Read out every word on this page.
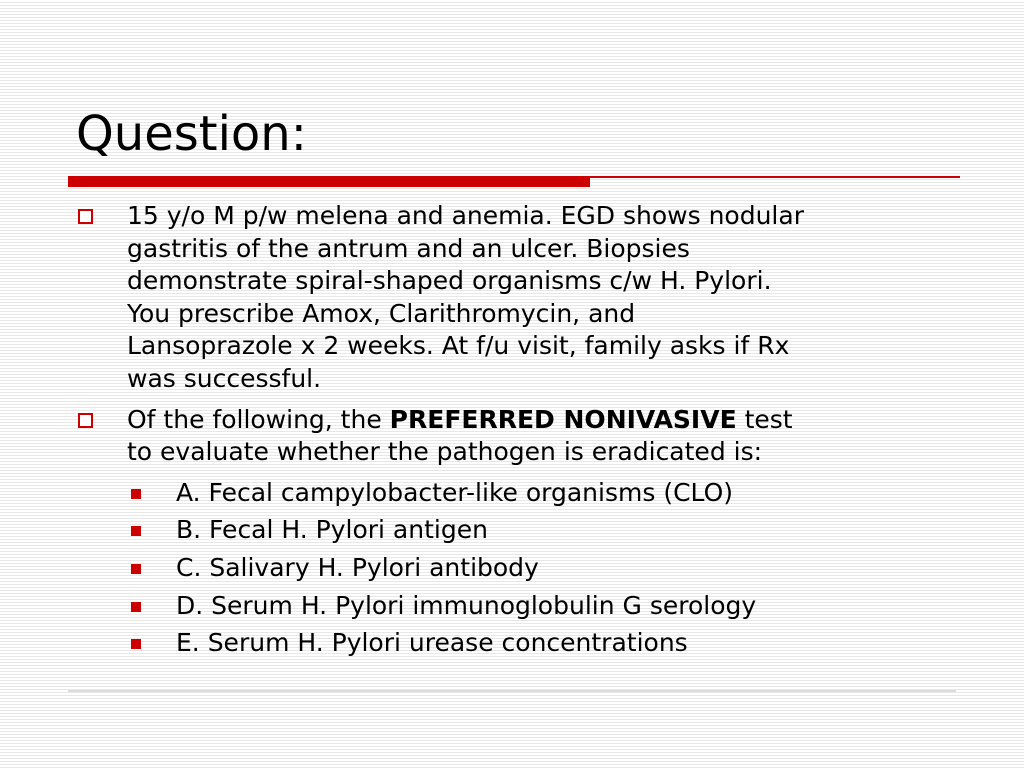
Question:
15 y/o M p/w melena and anemia. EGD shows nodular
gastritis of the antrum and an ulcer. Biopsies
demonstrate spiral-shaped organisms c/w H. Pylori.
You prescribe Amox, Clarithromycin, and
Lansoprazole x 2 weeks. At f/u visit, family asks if Rx
was successful.
Of the following, the PREFERRED NONIVASIVE test
to evaluate whether the pathogen is eradicated is:
A. Fecal campylobacter-like organisms (CLO)
B. Fecal H. Pylori antigen
C. Salivary H. Pylori antibody
D. Serum H. Pylori immunoglobulin G serology
E. Serum H. Pylori urease concentrations
